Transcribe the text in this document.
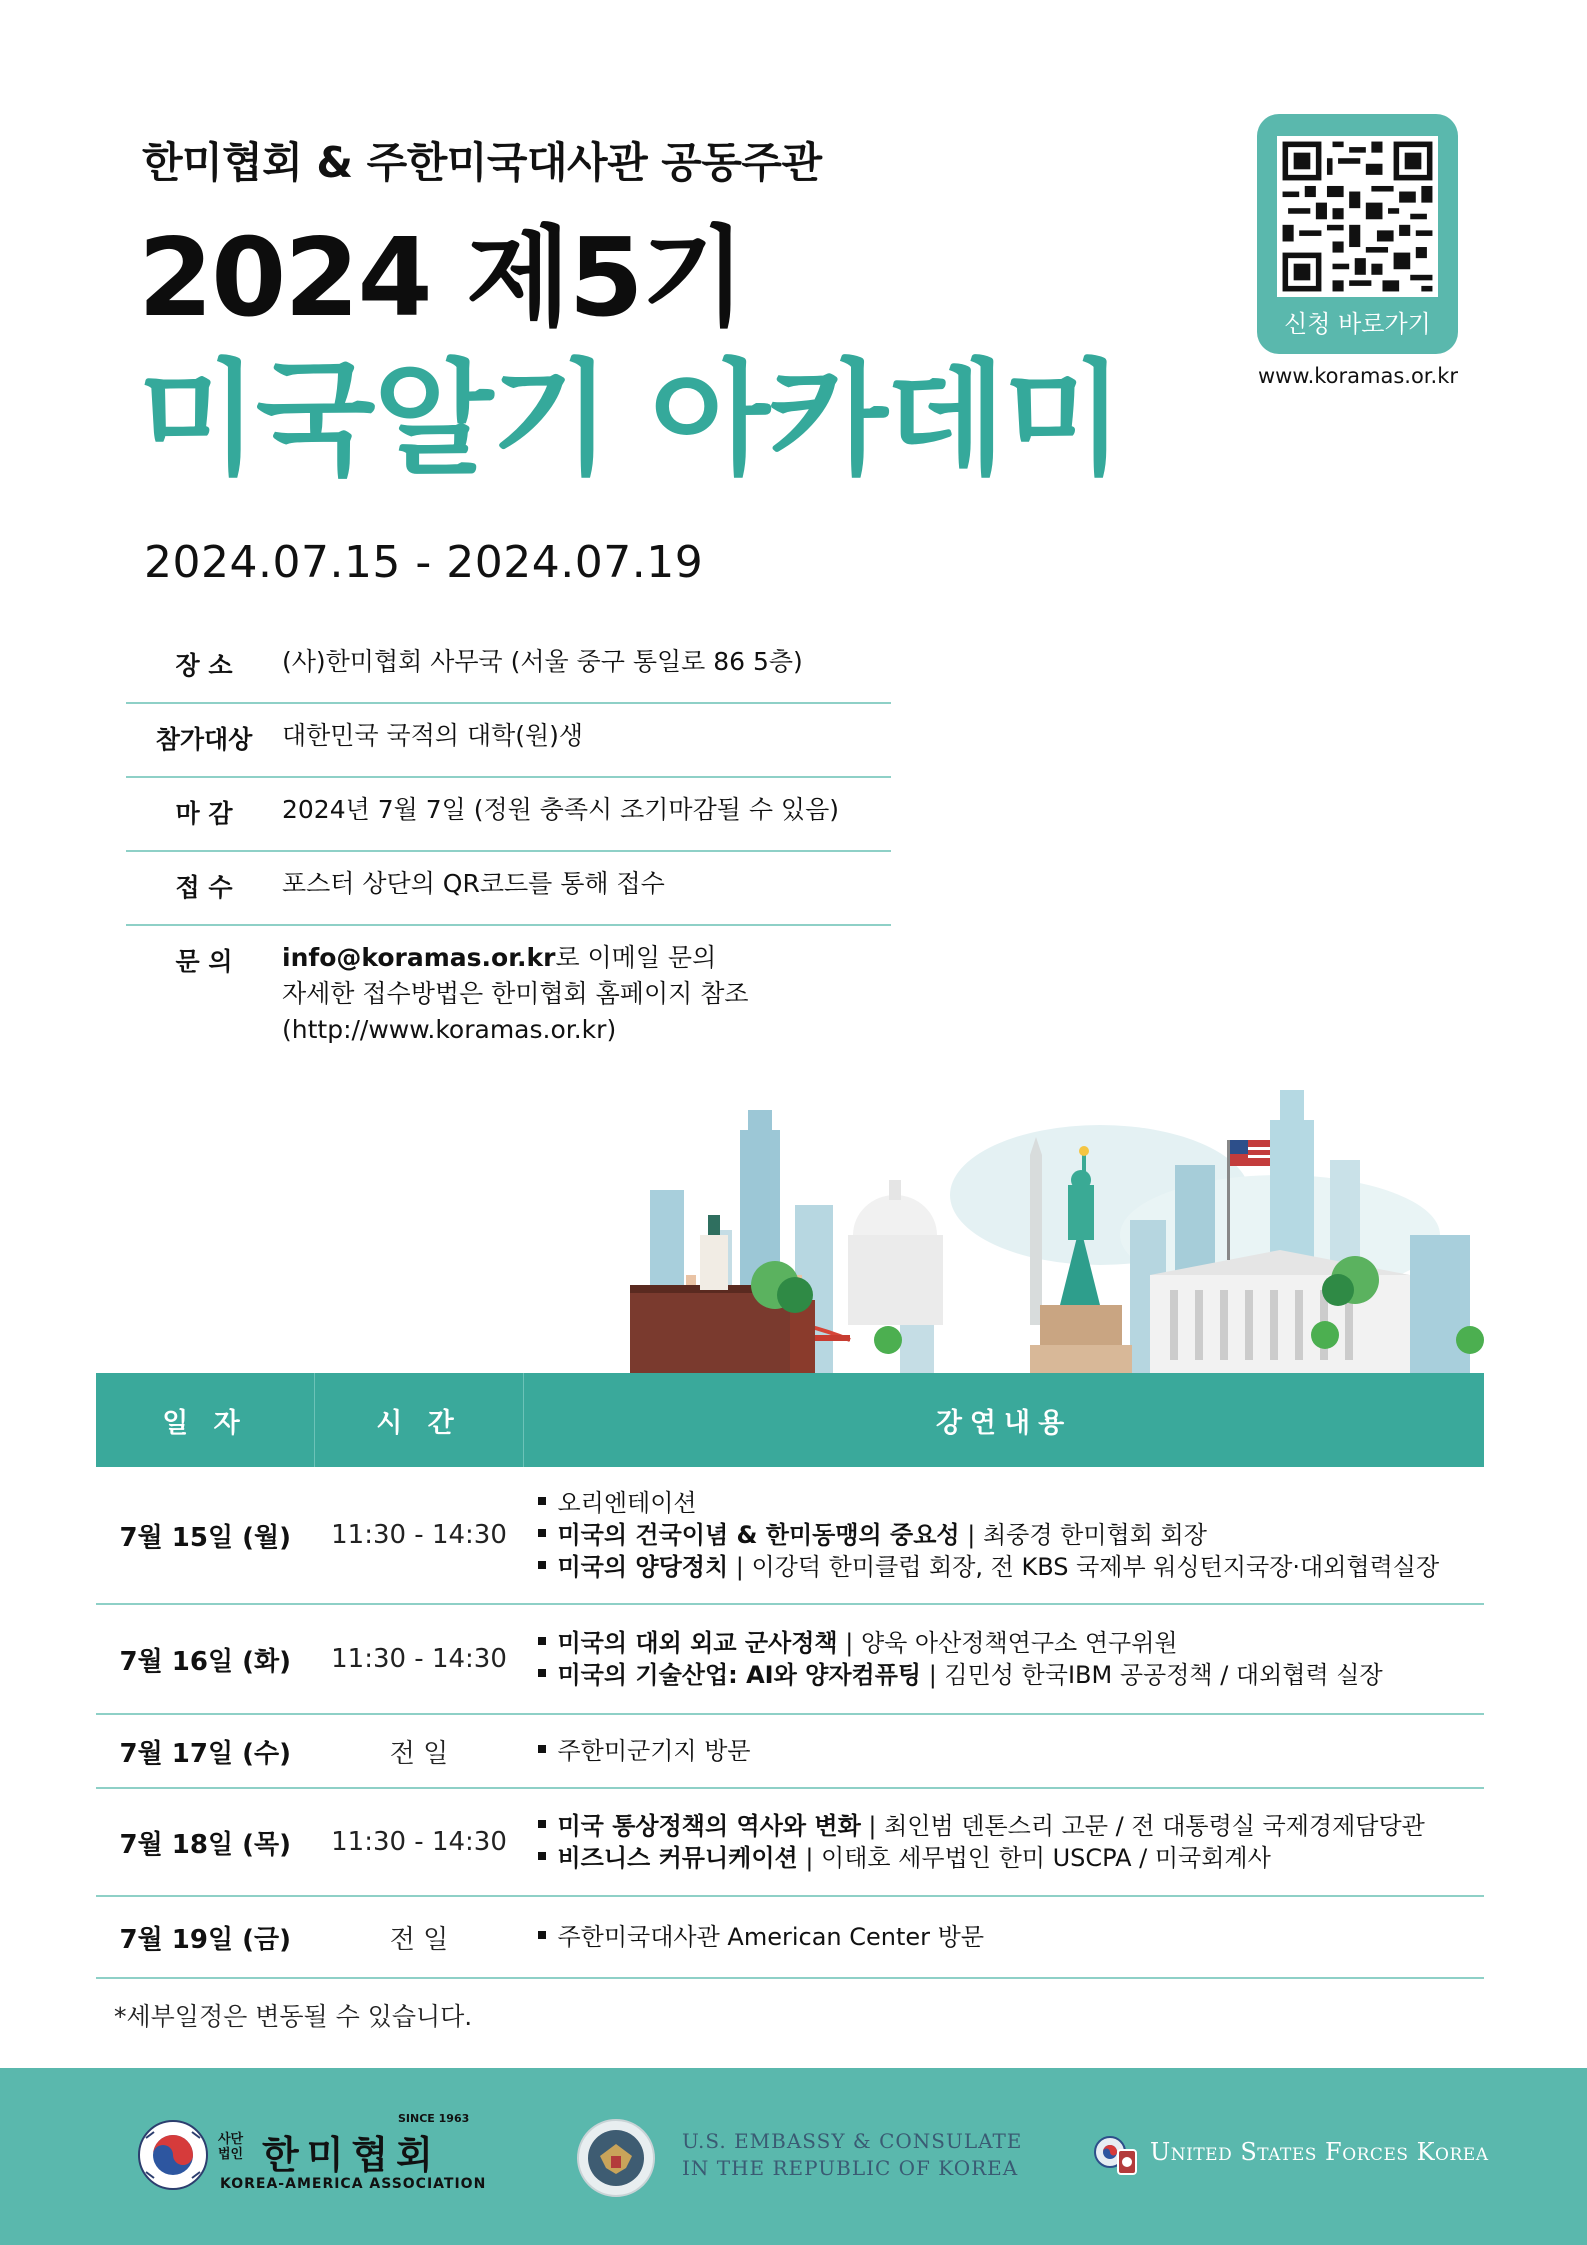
한미협회 & 주한미국대사관 공동주관
2024 제5기
미국알기 아카데미
2024.07.15 - 2024.07.19
신청 바로가기
www.koramas.or.kr
장 소	(사)한미협회 사무국 (서울 중구 통일로 86 5층)
참가대상	대한민국 국적의 대학(원)생
마 감	2024년 7월 7일 (정원 충족시 조기마감될 수 있음)
접 수	포스터 상단의 QR코드를 통해 접수
문 의	info@koramas.or.kr로 이메일 문의
자세한 접수방법은 한미협회 홈페이지 참조
(http://www.koramas.or.kr)
일 자	시 간	강연내용
7월 15일 (월)	11:30 - 14:30	오리엔테이션
미국의 건국이념 & 한미동맹의 중요성 | 최중경 한미협회 회장
미국의 양당정치 | 이강덕 한미클럽 회장, 전 KBS 국제부 워싱턴지국장·대외협력실장

7월 16일 (화)	11:30 - 14:30	미국의 대외 외교 군사정책 | 양욱 아산정책연구소 연구위원
미국의 기술산업: AI와 양자컴퓨팅 | 김민성 한국IBM 공공정책 / 대외협력 실장

7월 17일 (수)	전 일	주한미군기지 방문

7월 18일 (목)	11:30 - 14:30	미국 통상정책의 역사와 변화 | 최인범 덴톤스리 고문 / 전 대통령실 국제경제담당관
비즈니스 커뮤니케이션 | 이태호 세무법인 한미 USCPA / 미국회계사

7월 19일 (금)	전 일	주한미국대사관 American Center 방문
*세부일정은 변동될 수 있습니다.
SINCE 1963
사단 법인 한미협회
KOREA-AMERICA ASSOCIATION
U.S. EMBASSY & CONSULATE
IN THE REPUBLIC OF KOREA
United States Forces Korea
